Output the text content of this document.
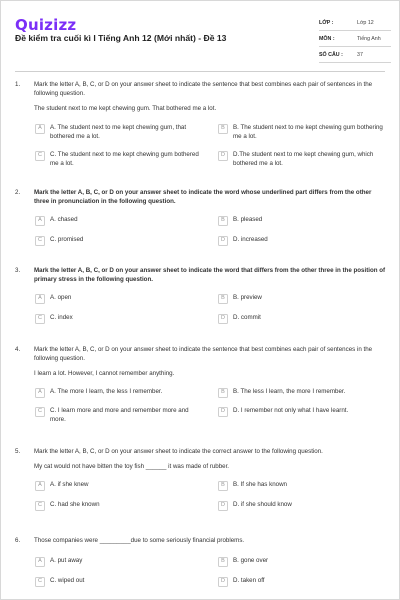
Quizizz
Đề kiểm tra cuối kì I Tiếng Anh 12 (Mới nhất) - Đề 13
LỚP :	Lớp 12
MÔN :	Tiếng Anh
SỐ CÂU :	37
1.	Mark the letter A, B, C, or D on your answer sheet to indicate the sentence that best combines each pair of sentences in the following question.
The student next to me kept chewing gum. That bothered me a lot.
A	A. The student next to me kept chewing gum, that bothered me a lot.
B	B. The student next to me kept chewing gum bothering me a lot.
C	C. The student next to me kept chewing gum bothered me a lot.
D	D.The student next to me kept chewing gum, which bothered me a lot.
2.	Mark the letter A, B, C, or D on your answer sheet to indicate the word whose underlined part differs from the other three in pronunciation in the following question.
A	A. chased	B	B. pleased
C	C. promised	D	D. increased
3.	Mark the letter A, B, C, or D on your answer sheet to indicate the word that differs from the other three in the position of primary stress in the following question.
A	A. open	B	B. preview
C	C. index	D	D. commit
4.	Mark the letter A, B, C, or D on your answer sheet to indicate the sentence that best combines each pair of sentences in the following question.
I learn a lot. However, I cannot remember anything.
A	A. The more I learn, the less I remember.	B	B. The less I learn, the more I remember.
C	C. I learn more and more and remember more and more.
D	D. I remember not only what I have learnt.
5.	Mark the letter A, B, C, or D on your answer sheet to indicate the correct answer to the following question.
My cat would not have bitten the toy fish ______ it was made of rubber.
A	A. if she knew	B	B. If she has known
C	C. had she known	D	D. if she should know
6.	Those companies were _________due to some seriously financial problems.
A	A. put away	B	B. gone over
C	C. wiped out	D	D. taken off
